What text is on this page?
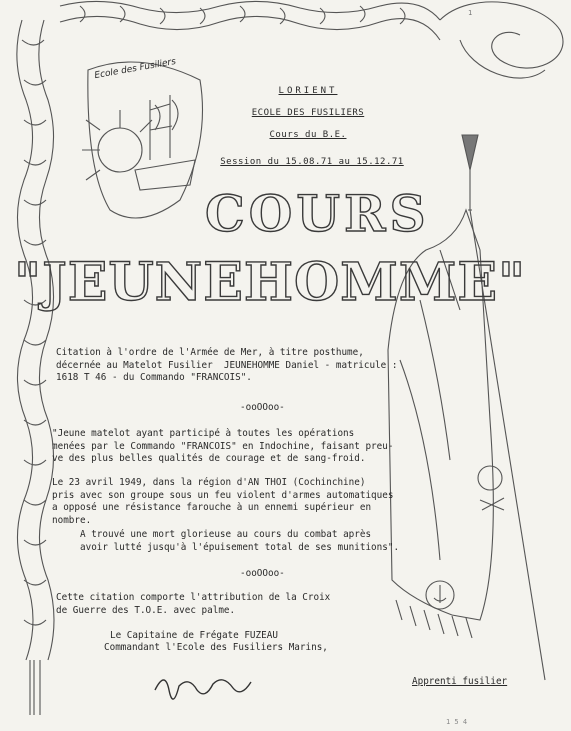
LORIENT
ECOLE DES FUSILIERS
Cours du B.E.
Session du 15.08.71 au 15.12.71
Ecole des Fusiliers
COURS
"JEUNEHOMME"
Citation à l'ordre de l'Armée de Mer, à titre posthume,
décernée au Matelot Fusilier  JEUNEHOMME Daniel - matricule :
1618 T 46 - du Commando "FRANCOIS".
-ooOOoo-
"Jeune matelot ayant participé à toutes les opérations
menées par le Commando "FRANCOIS" en Indochine, faisant preu-
ve des plus belles qualités de courage et de sang-froid.
Le 23 avril 1949, dans la région d'AN THOI (Cochinchine)
pris avec son groupe sous un feu violent d'armes automatiques
a opposé une résistance farouche à un ennemi supérieur en
nombre.
A trouvé une mort glorieuse au cours du combat après
avoir lutté jusqu'à l'épuisement total de ses munitions".
-ooOOoo-
Cette citation comporte l'attribution de la Croix
de Guerre des T.O.E. avec palme.
Le Capitaine de Frégate FUZEAU
Commandant l'Ecole des Fusiliers Marins,
Apprenti fusilier
1
1 5 4
